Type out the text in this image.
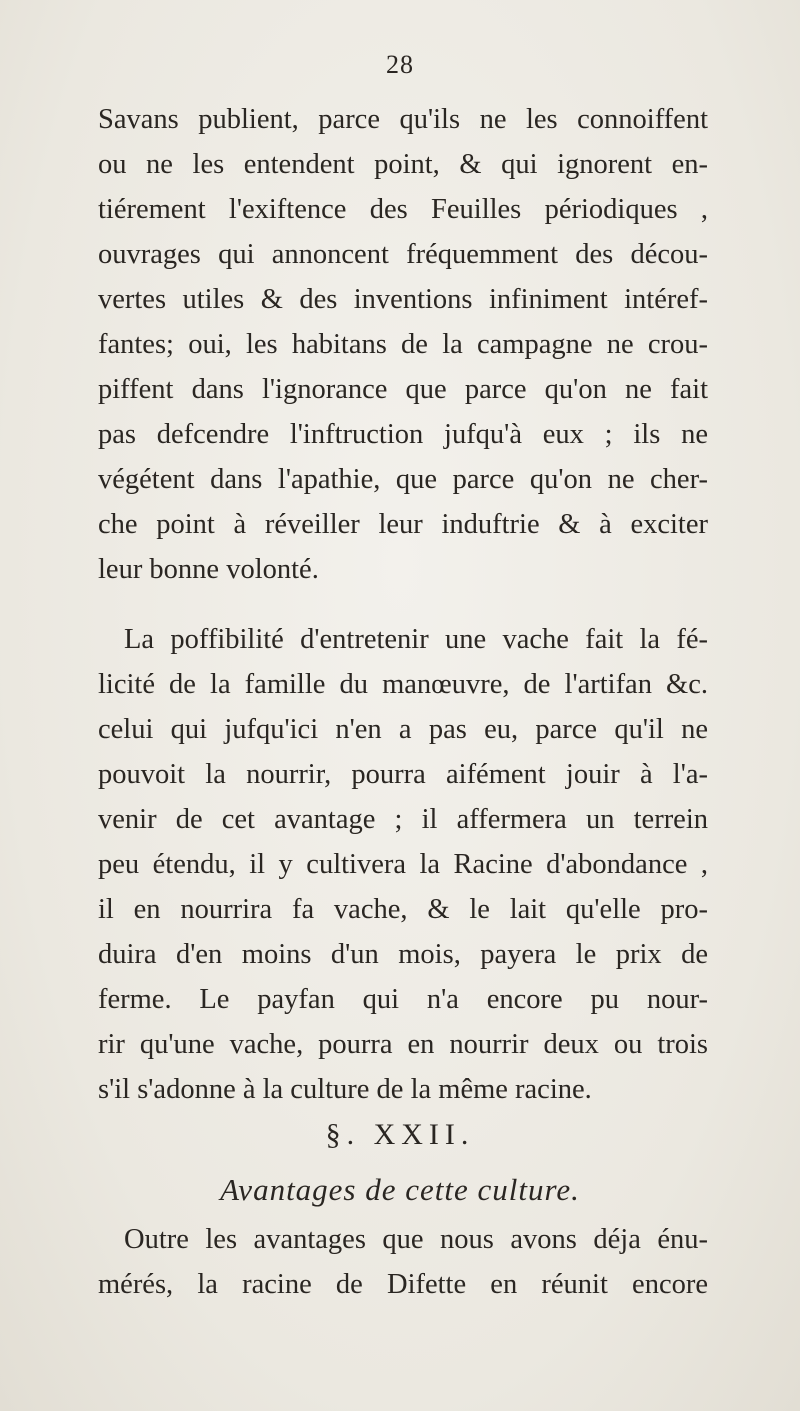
28
Savans publient, parce qu'ils ne les connoiffent
ou ne les entendent point, & qui ignorent en-
tiérement l'exiftence des Feuilles périodiques ,
ouvrages qui annoncent fréquemment des décou-
vertes utiles & des inventions infiniment intéref-
fantes; oui, les habitans de la campagne ne crou-
piffent dans l'ignorance que parce qu'on ne fait
pas defcendre l'inftruction jufqu'à eux ; ils ne
végétent dans l'apathie, que parce qu'on ne cher-
che point à réveiller leur induftrie & à exciter
leur bonne volonté.
La poffibilité d'entretenir une vache fait la fé-
licité de la famille du manœuvre, de l'artifan &c.
celui qui jufqu'ici n'en a pas eu, parce qu'il ne
pouvoit la nourrir, pourra aifément jouir à l'a-
venir de cet avantage ; il affermera un terrein
peu étendu, il y cultivera la Racine d'abondance ,
il en nourrira fa vache, & le lait qu'elle pro-
duira d'en moins d'un mois, payera le prix de
ferme. Le payfan qui n'a encore pu nour-
rir qu'une vache, pourra en nourrir deux ou trois
s'il s'adonne à la culture de la même racine.
§. XXII.
Avantages de cette culture.
Outre les avantages que nous avons déja énu-
mérés, la racine de Difette en réunit encore
